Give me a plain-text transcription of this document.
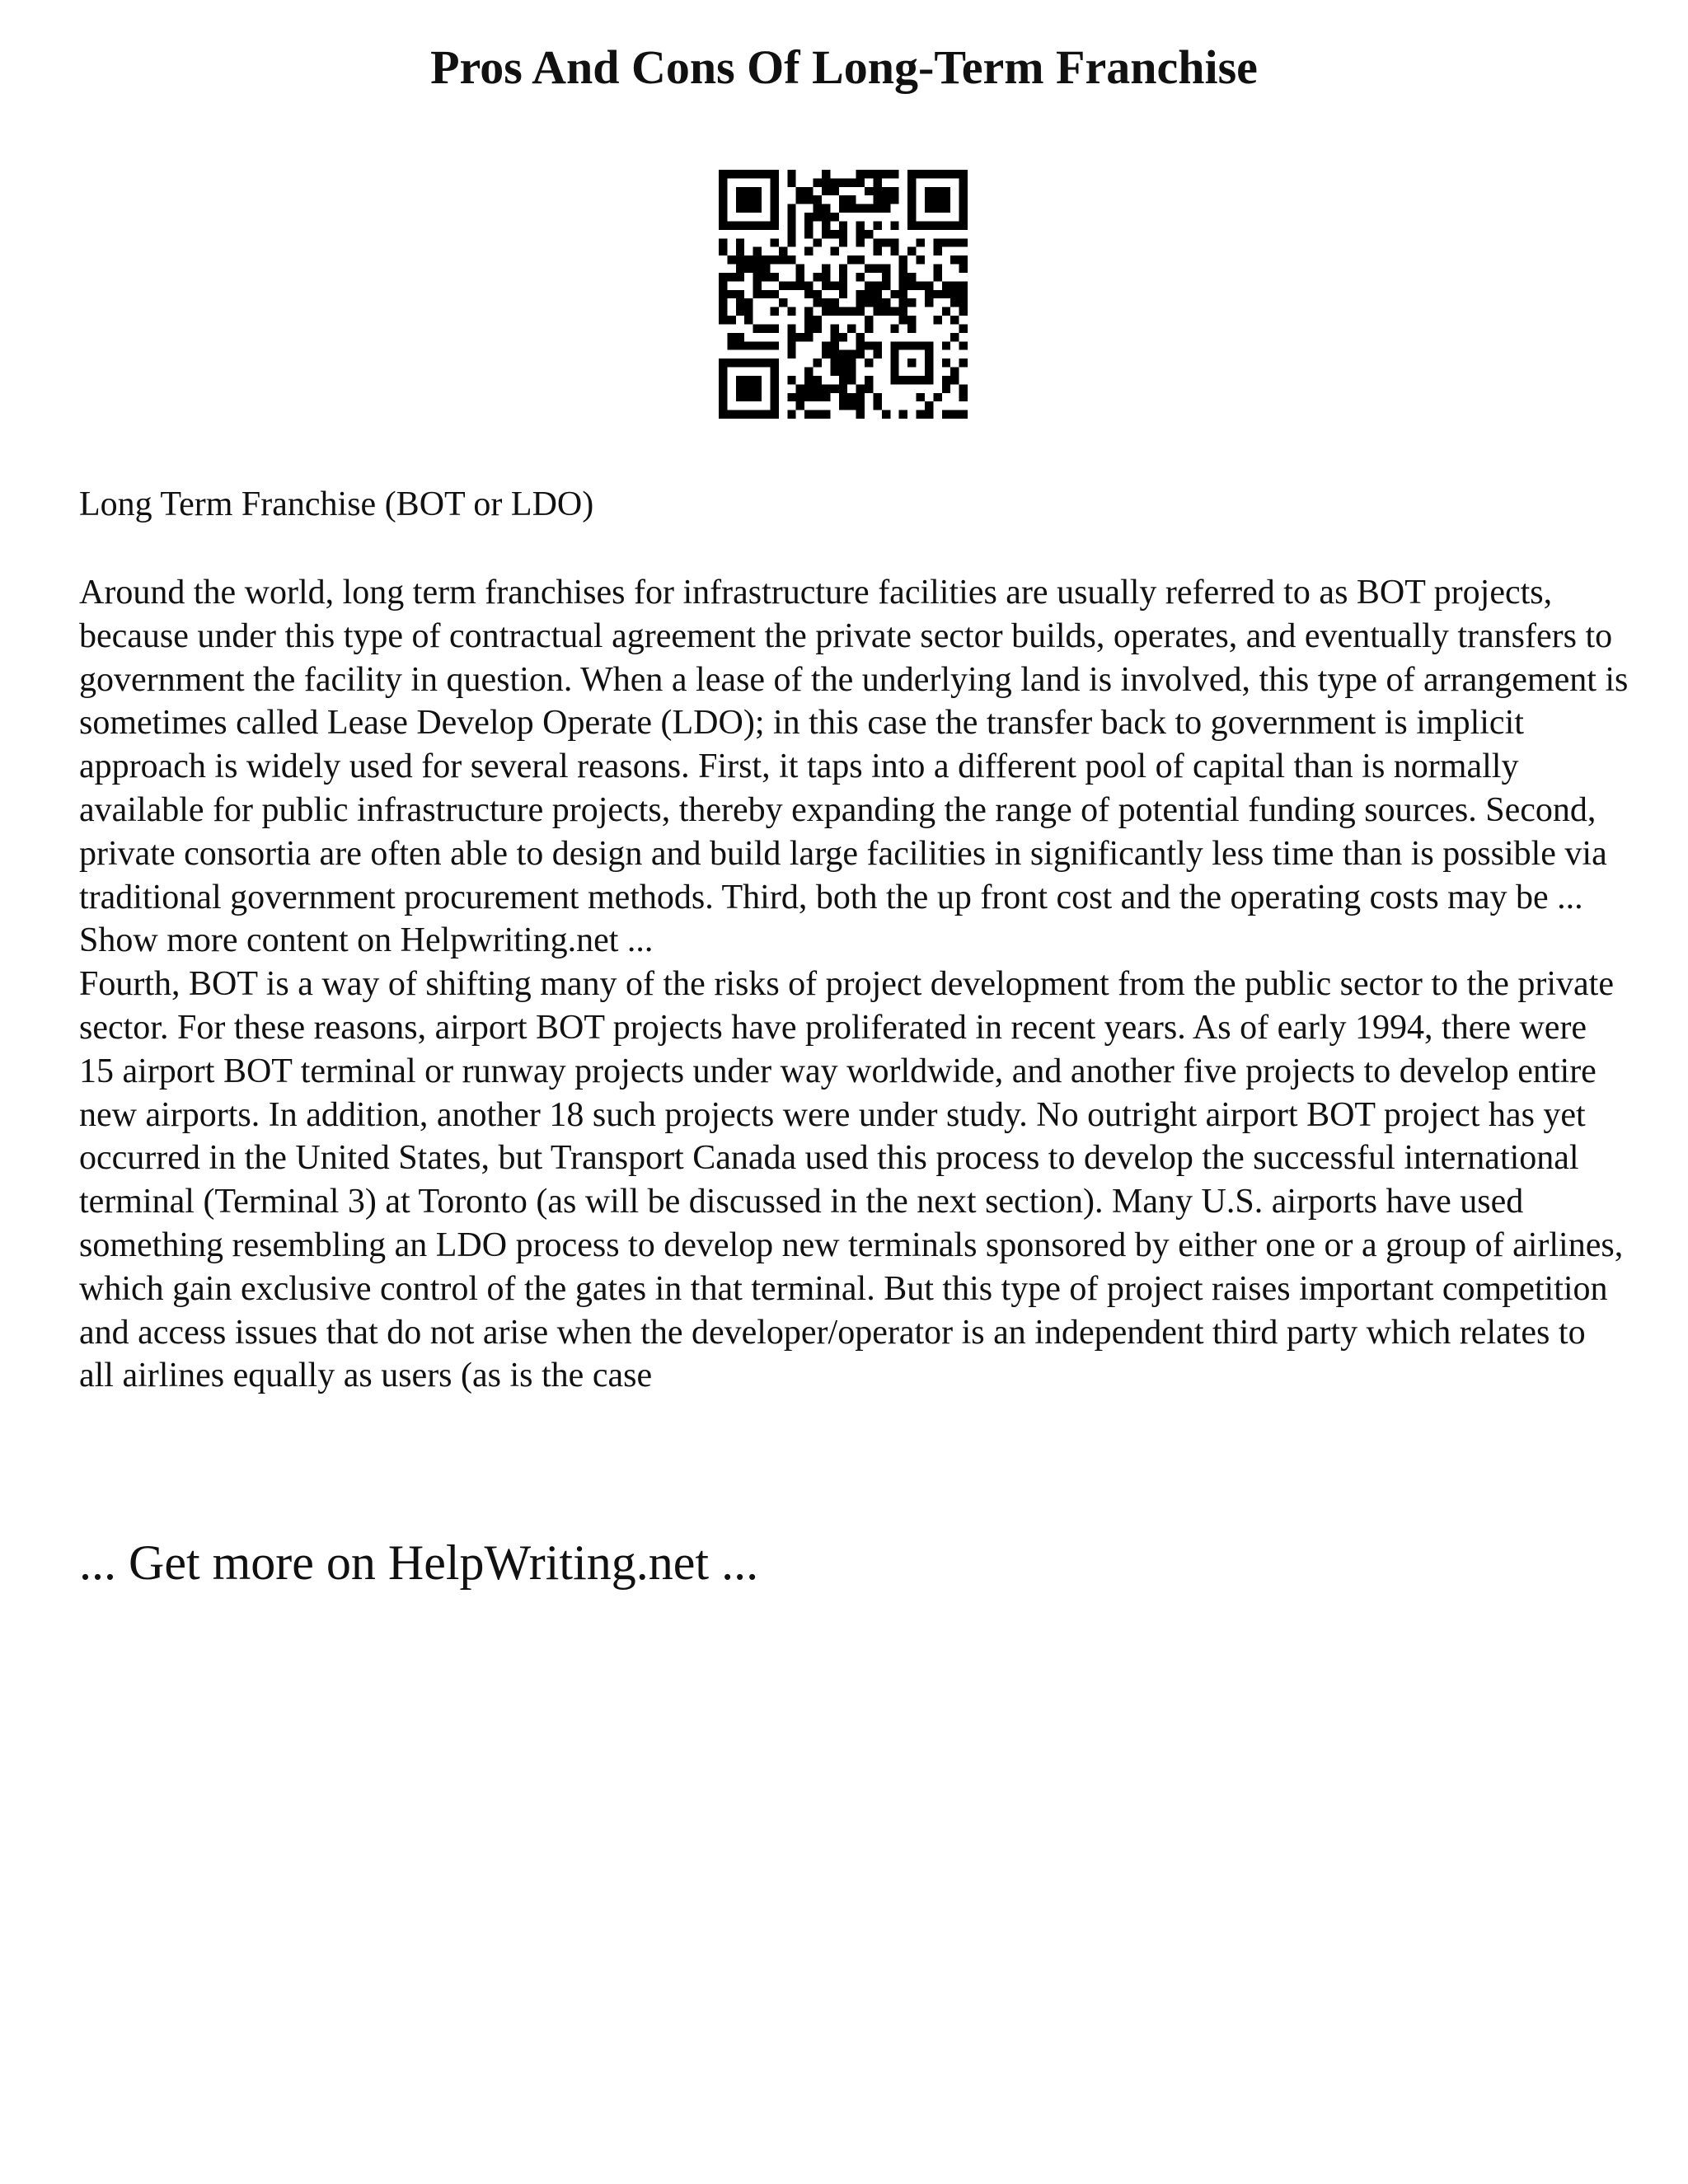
Pros And Cons Of Long-Term Franchise
Long Term Franchise (BOT or LDO)

Around the world, long term franchises for infrastructure facilities are usually referred to as BOT projects, because under this type of contractual agreement the private sector builds, operates, and eventually transfers to government the facility in question. When a lease of the underlying land is involved, this type of arrangement is sometimes called Lease Develop Operate (LDO); in this case the transfer back to government is implicit approach is widely used for several reasons. First, it taps into a different pool of capital than is normally available for public infrastructure projects, thereby expanding the range of potential funding sources. Second, private consortia are often able to design and build large facilities in significantly less time than is possible via traditional government procurement methods. Third, both the up front cost and the operating costs may be ... Show more content on Helpwriting.net ...

Fourth, BOT is a way of shifting many of the risks of project development from the public sector to the private sector. For these reasons, airport BOT projects have proliferated in recent years. As of early 1994, there were 15 airport BOT terminal or runway projects under way worldwide, and another five projects to develop entire new airports. In addition, another 18 such projects were under study. No outright airport BOT project has yet occurred in the United States, but Transport Canada used this process to develop the successful international terminal (Terminal 3) at Toronto (as will be discussed in the next section). Many U.S. airports have used something resembling an LDO process to develop new terminals sponsored by either one or a group of airlines, which gain exclusive control of the gates in that terminal. But this type of project raises important competition and access issues that do not arise when the developer/operator is an independent third party which relates to all airlines equally as users (as is the case

... Get more on HelpWriting.net ...
